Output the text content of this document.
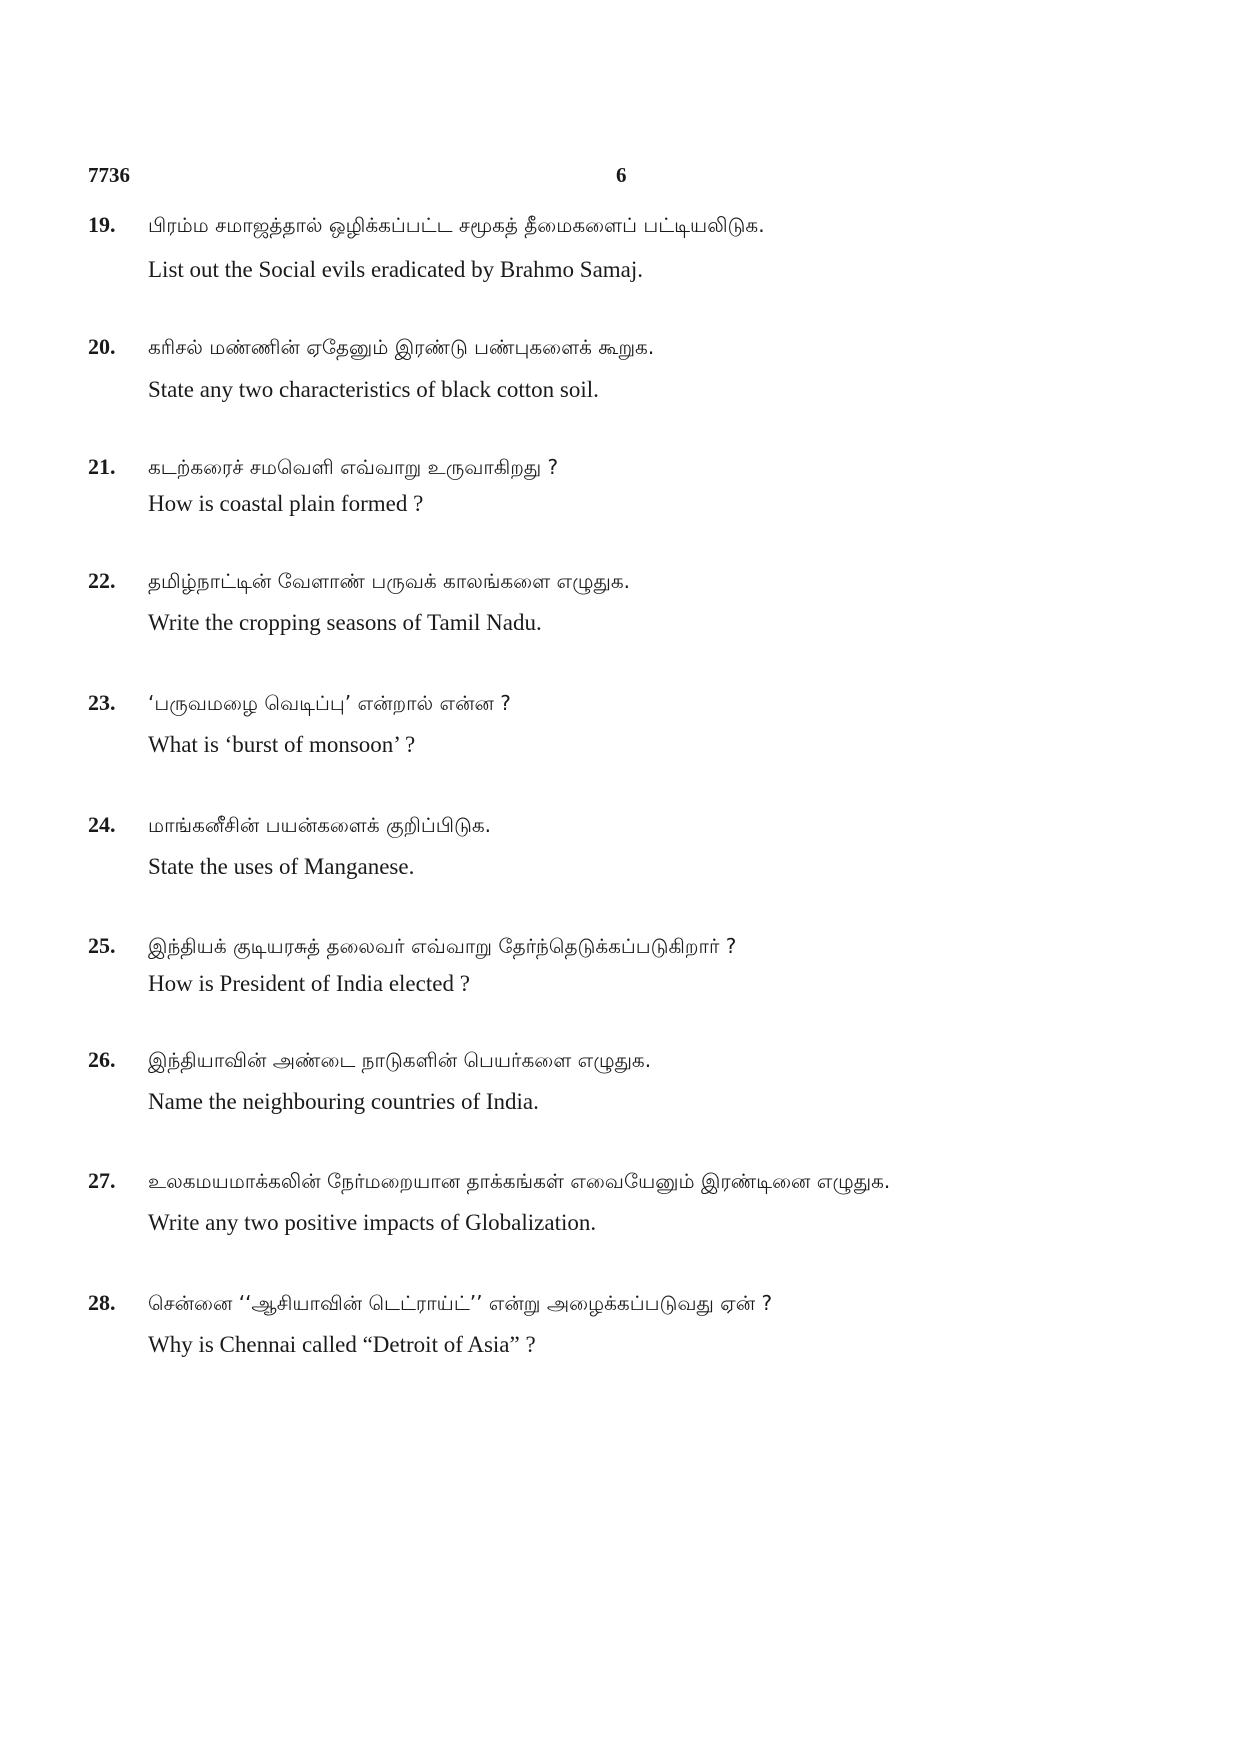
7736	6
19. பிரம்ம சமாஜத்தால் ஒழிக்கப்பட்ட சமூகத் தீமைகளைப் பட்டியலிடுக.
List out the Social evils eradicated by Brahmo Samaj.
20. கரிசல் மண்ணின் ஏதேனும் இரண்டு பண்புகளைக் கூறுக.
State any two characteristics of black cotton soil.
21. கடற்கரைச் சமவெளி எவ்வாறு உருவாகிறது ?
How is coastal plain formed ?
22. தமிழ்நாட்டின் வேளாண் பருவக் காலங்களை எழுதுக.
Write the cropping seasons of Tamil Nadu.
23. ‘பருவமழை வெடிப்பு’ என்றால் என்ன ?
What is ‘burst of monsoon’ ?
24. மாங்கனீசின் பயன்களைக் குறிப்பிடுக.
State the uses of Manganese.
25. இந்தியக் குடியரசுத் தலைவர் எவ்வாறு தேர்ந்தெடுக்கப்படுகிறார் ?
How is President of India elected ?
26. இந்தியாவின் அண்டை நாடுகளின் பெயர்களை எழுதுக.
Name the neighbouring countries of India.
27. உலகமயமாக்கலின் நேர்மறையான தாக்கங்கள் எவையேனும் இரண்டினை எழுதுக.
Write any two positive impacts of Globalization.
28. சென்னை ‘‘ஆசியாவின் டெட்ராய்ட்’’ என்று அழைக்கப்படுவது ஏன் ?
Why is Chennai called “Detroit of Asia” ?
